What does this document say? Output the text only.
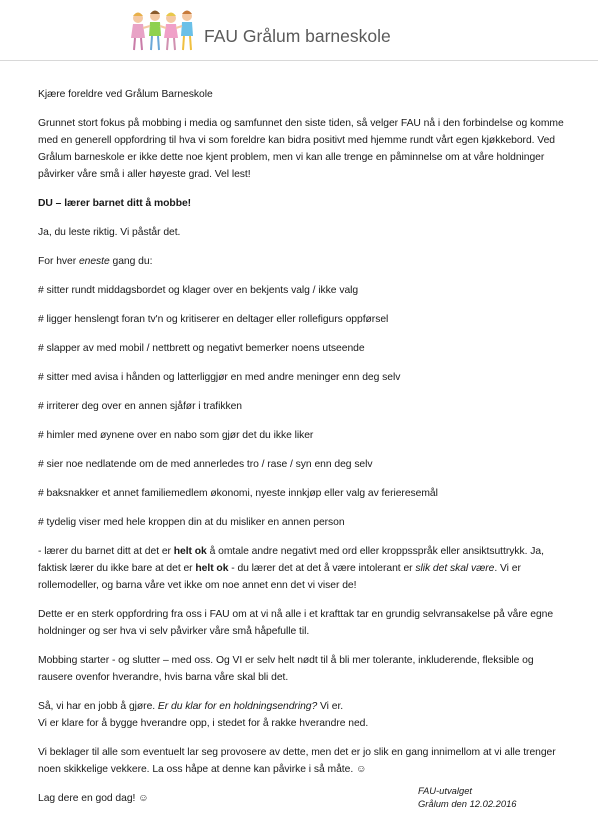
FAU Grålum barneskole

Kjære foreldre ved Grålum Barneskole

Grunnet stort fokus på mobbing i media og samfunnet den siste tiden, så velger FAU nå i den forbindelse og komme med en generell oppfordring til hva vi som foreldre kan bidra positivt med hjemme rundt vårt egen kjøkkebord. Ved Grålum barneskole er ikke dette noe kjent problem, men vi kan alle trenge en påminnelse om at våre holdninger påvirker våre små i aller høyeste grad. Vel lest!

DU – lærer barnet ditt å mobbe!

Ja, du leste riktig. Vi påstår det.

For hver eneste gang du:

# sitter rundt middagsbordet og klager over en bekjents valg / ikke valg

# ligger henslengt foran tv'n og kritiserer en deltager eller rollefigurs oppførsel

# slapper av med mobil / nettbrett og negativt bemerker noens utseende

# sitter med avisa i hånden og latterliggjør en med andre meninger enn deg selv

# irriterer deg over en annen sjåfør i trafikken

# himler med øynene over en nabo som gjør det du ikke liker

# sier noe nedlatende om de med annerledes tro / rase / syn enn deg selv

# baksnakker et annet familiemedlem økonomi, nyeste innkjøp eller valg av ferieresemål

# tydelig viser med hele kroppen din at du misliker en annen person

- lærer du barnet ditt at det er helt ok å omtale andre negativt med ord eller kroppsspråk eller ansiktsuttrykk. Ja, faktisk lærer du ikke bare at det er helt ok - du lærer det at det å være intolerant er slik det skal være. Vi er rollemodeller, og barna våre vet ikke om noe annet enn det vi viser de!

Dette er en sterk oppfordring fra oss i FAU om at vi nå alle i et krafttak tar en grundig selvransakelse på våre egne holdninger og ser hva vi selv påvirker våre små håpefulle til.

Mobbing starter - og slutter – med oss. Og VI er selv helt nødt til å bli mer tolerante, inkluderende, fleksible og rausere ovenfor hverandre, hvis barna våre skal bli det.

Så, vi har en jobb å gjøre. Er du klar for en holdningsendring? Vi er.

Vi er klare for å bygge hverandre opp, i stedet for å rakke hverandre ned.

Vi beklager til alle som eventuelt lar seg provosere av dette, men det er jo slik en gang innimellom at vi alle trenger noen skikkelige vekkere. La oss håpe at denne kan påvirke i så måte. ☺

Lag dere en god dag! ☺

FAU-utvalget
Grålum den 12.02.2016
